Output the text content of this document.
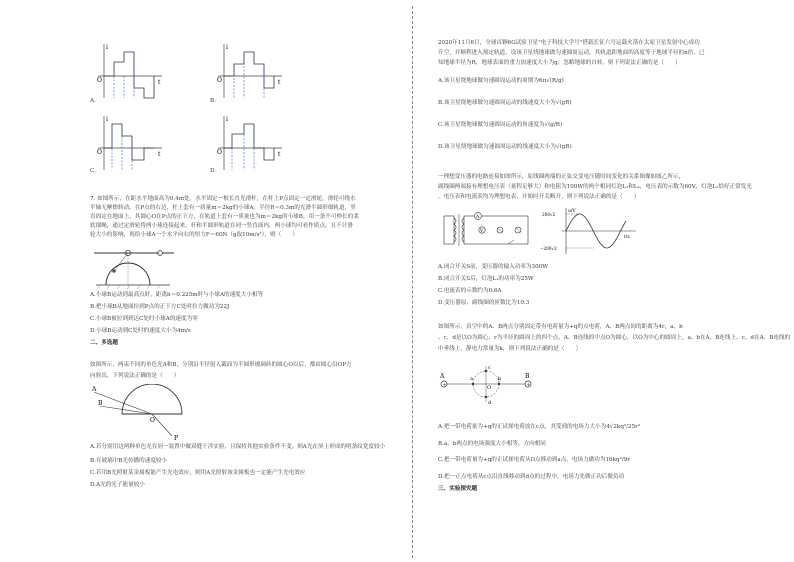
i
t
O
A.
i
t
O
B.
i
t
O
C.
i
t
O
D.
7. 如图所示，在距水平地面高为0.4m处，水平固定一根长直光滑杆，在杆上P点固定一定滑轮，滑轮可绕水
平轴无摩擦转动，在P点的右边，杆上套有一质量m＝2kg的小球A。半径R＝0.3m的光滑半圆形细轨道，竖
直固定在地面上，其圆心O在P点的正下方，在轨道上套有一质量也为m＝2kg的小球B。用一条不可伸长的柔
软细绳，通过定滑轮将两小球连接起来。杆和半圆形轨道在同一竖直面内，两小球均可看作质点，且不计滑
轮大小的影响，现给小球A一个水平向右的恒力F＝60N（g取10m/s²），则（　　）
A.小球B运动到最高点时，距离h＝0.225m时与小球A的速度大小相等
B.把小球B从地面拉到P点的正下方C处时拉力做功为22J
C.小球B被拉到到达C处时小球A的速度为零
D.小球B运动到C处时的速度大小为4m/s
二、多选题
如图所示，两束不同的单色光A和B，分别沿半径射入截面为半圆形玻璃砖的圆心O以后，都由圆心沿OP方
向射出，下列说法正确的是（　　）
A
B
O
P
A.若分别用这两种单色光在同一装置中做双缝干涉实验，且保持其他实验条件不变，则A光在屏上形成的明条纹宽度较小
B.在玻璃中B光传播的速度较小
C.若用B光照射某金属板能产生光电效应，则用A光照射该金属板也一定能产生光电效应
D.A光的光子能量较小
2020年11月6日，全球首颗6G试验卫星"电子科技大学号"搭载长征六号运载火箭在太原卫星发射中心成功
升空，并顺利进入预定轨道，设该卫星绕地球做匀速圆周运动，其轨道距地面的高度等于地球半径的n倍，已
知地球半径为R，地球表面的重力加速度大小为g，忽略地球的自转，则下列说法正确的是（　　）
A.该卫星绕地球做匀速圆周运动的周期为6π√(R/g)
B.该卫星绕地球做匀速圆周运动的线速度大小为√(gR)
C.该卫星绕地球做匀速圆周运动的角速度为√(g/R)
D.该卫星绕地球做匀速圆周运动的线速度大小为√(gR)
一理想变压器的电路连接如图所示，原线圈两端的正弦交变电压随时间变化的关系图像如图乙所示，
副线圈两端接有理想电压表（量程足够大）和电阻为100W的两个相同灯泡L₁和L₂，电压表的示数为60V，灯泡L₂恰好正常发光
，电压表和电流表均为理想电表，开始时开关断开，则下列说法正确的是（　　）
A
V
u/V
t/s
200√2
−200√2
A.闭合开关S前，变压器的输入功率为300W
B.闭合开关S后，灯泡L₁的功率为25W
C.电流表的示数约为0.6A
D.变压器原、副线圈的匝数比为10:3
如图所示，真空中的A、B两点分别固定带有电荷量为+q的点电荷，A、B两点间的距离为4r，a、b
、c、d是以O为圆心、r为半径的圆周上的四个点，A、B连线的中点O为圆心，以O为中心的圆周上，a、b在A、B连线上，c、d在A、B连线的
中垂线上，静电力常量为k，则下列说法正确的是（　　）
+	+
A	B
a	b
c
d
O
A.把一带电荷量为+q的正试探电荷放在c点，其受到的电场力大小为4√2kq²/25r²
B.a、b两点的电场强度大小相等、方向相同
C.把一带电荷量为+q的正试探电荷从O点移动到a点，电场力做功为16kq²/9r
D.把一正点电荷从c点沿直线移动到d点的过程中，电场力先做正功后做负功
三、实验探究题
